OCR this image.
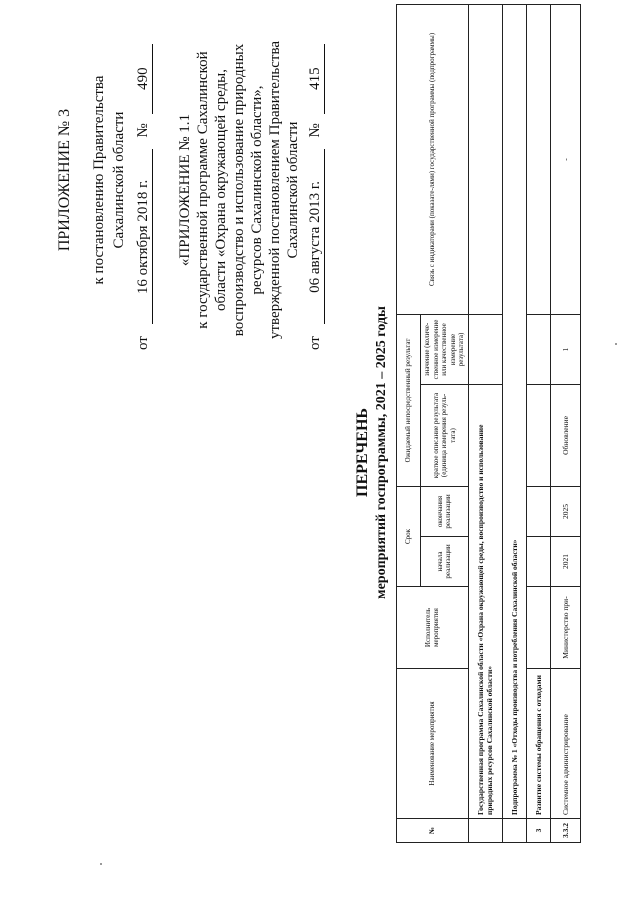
ПРИЛОЖЕНИЕ № 3 к постановлению Правительства Сахалинской области
от 16 октября 2018 г. № 490
«ПРИЛОЖЕНИЕ № 1.1 к государственной программе Сахалинской области «Охрана окружающей среды, воспроизводство и использование природных ресурсов Сахалинской области», утвержденной постановлением Правительства Сахалинской области
от 06 августа 2013 г. № 415
ПЕРЕЧЕНЬ мероприятий госпрограммы, 2021 – 2025 годы
№	Наименование мероприятия	Исполнитель мероприятия	Срок		Ожидаемый непосредственный результат		Связь с индикаторами (показате-лями) государственной программы (подпрограммы)
			начала реализации	окончания реализации	краткое описание результата (единица измерения резуль-тата)	значение (количе-ственное измерение или качественное измерение результата)	
	Государственная программа Сахалинской области «Охрана окружающей среды, воспроизводство и использование природных ресурсов Сахалинской области»						
	Подпрограмма № 1 «Отходы производства и потребления Сахалинской области»						
3	Развитие системы обращения с отходами						
3.3.2	Системное администрирование	Министерство при-	2021	2025	Обновление	1	-
